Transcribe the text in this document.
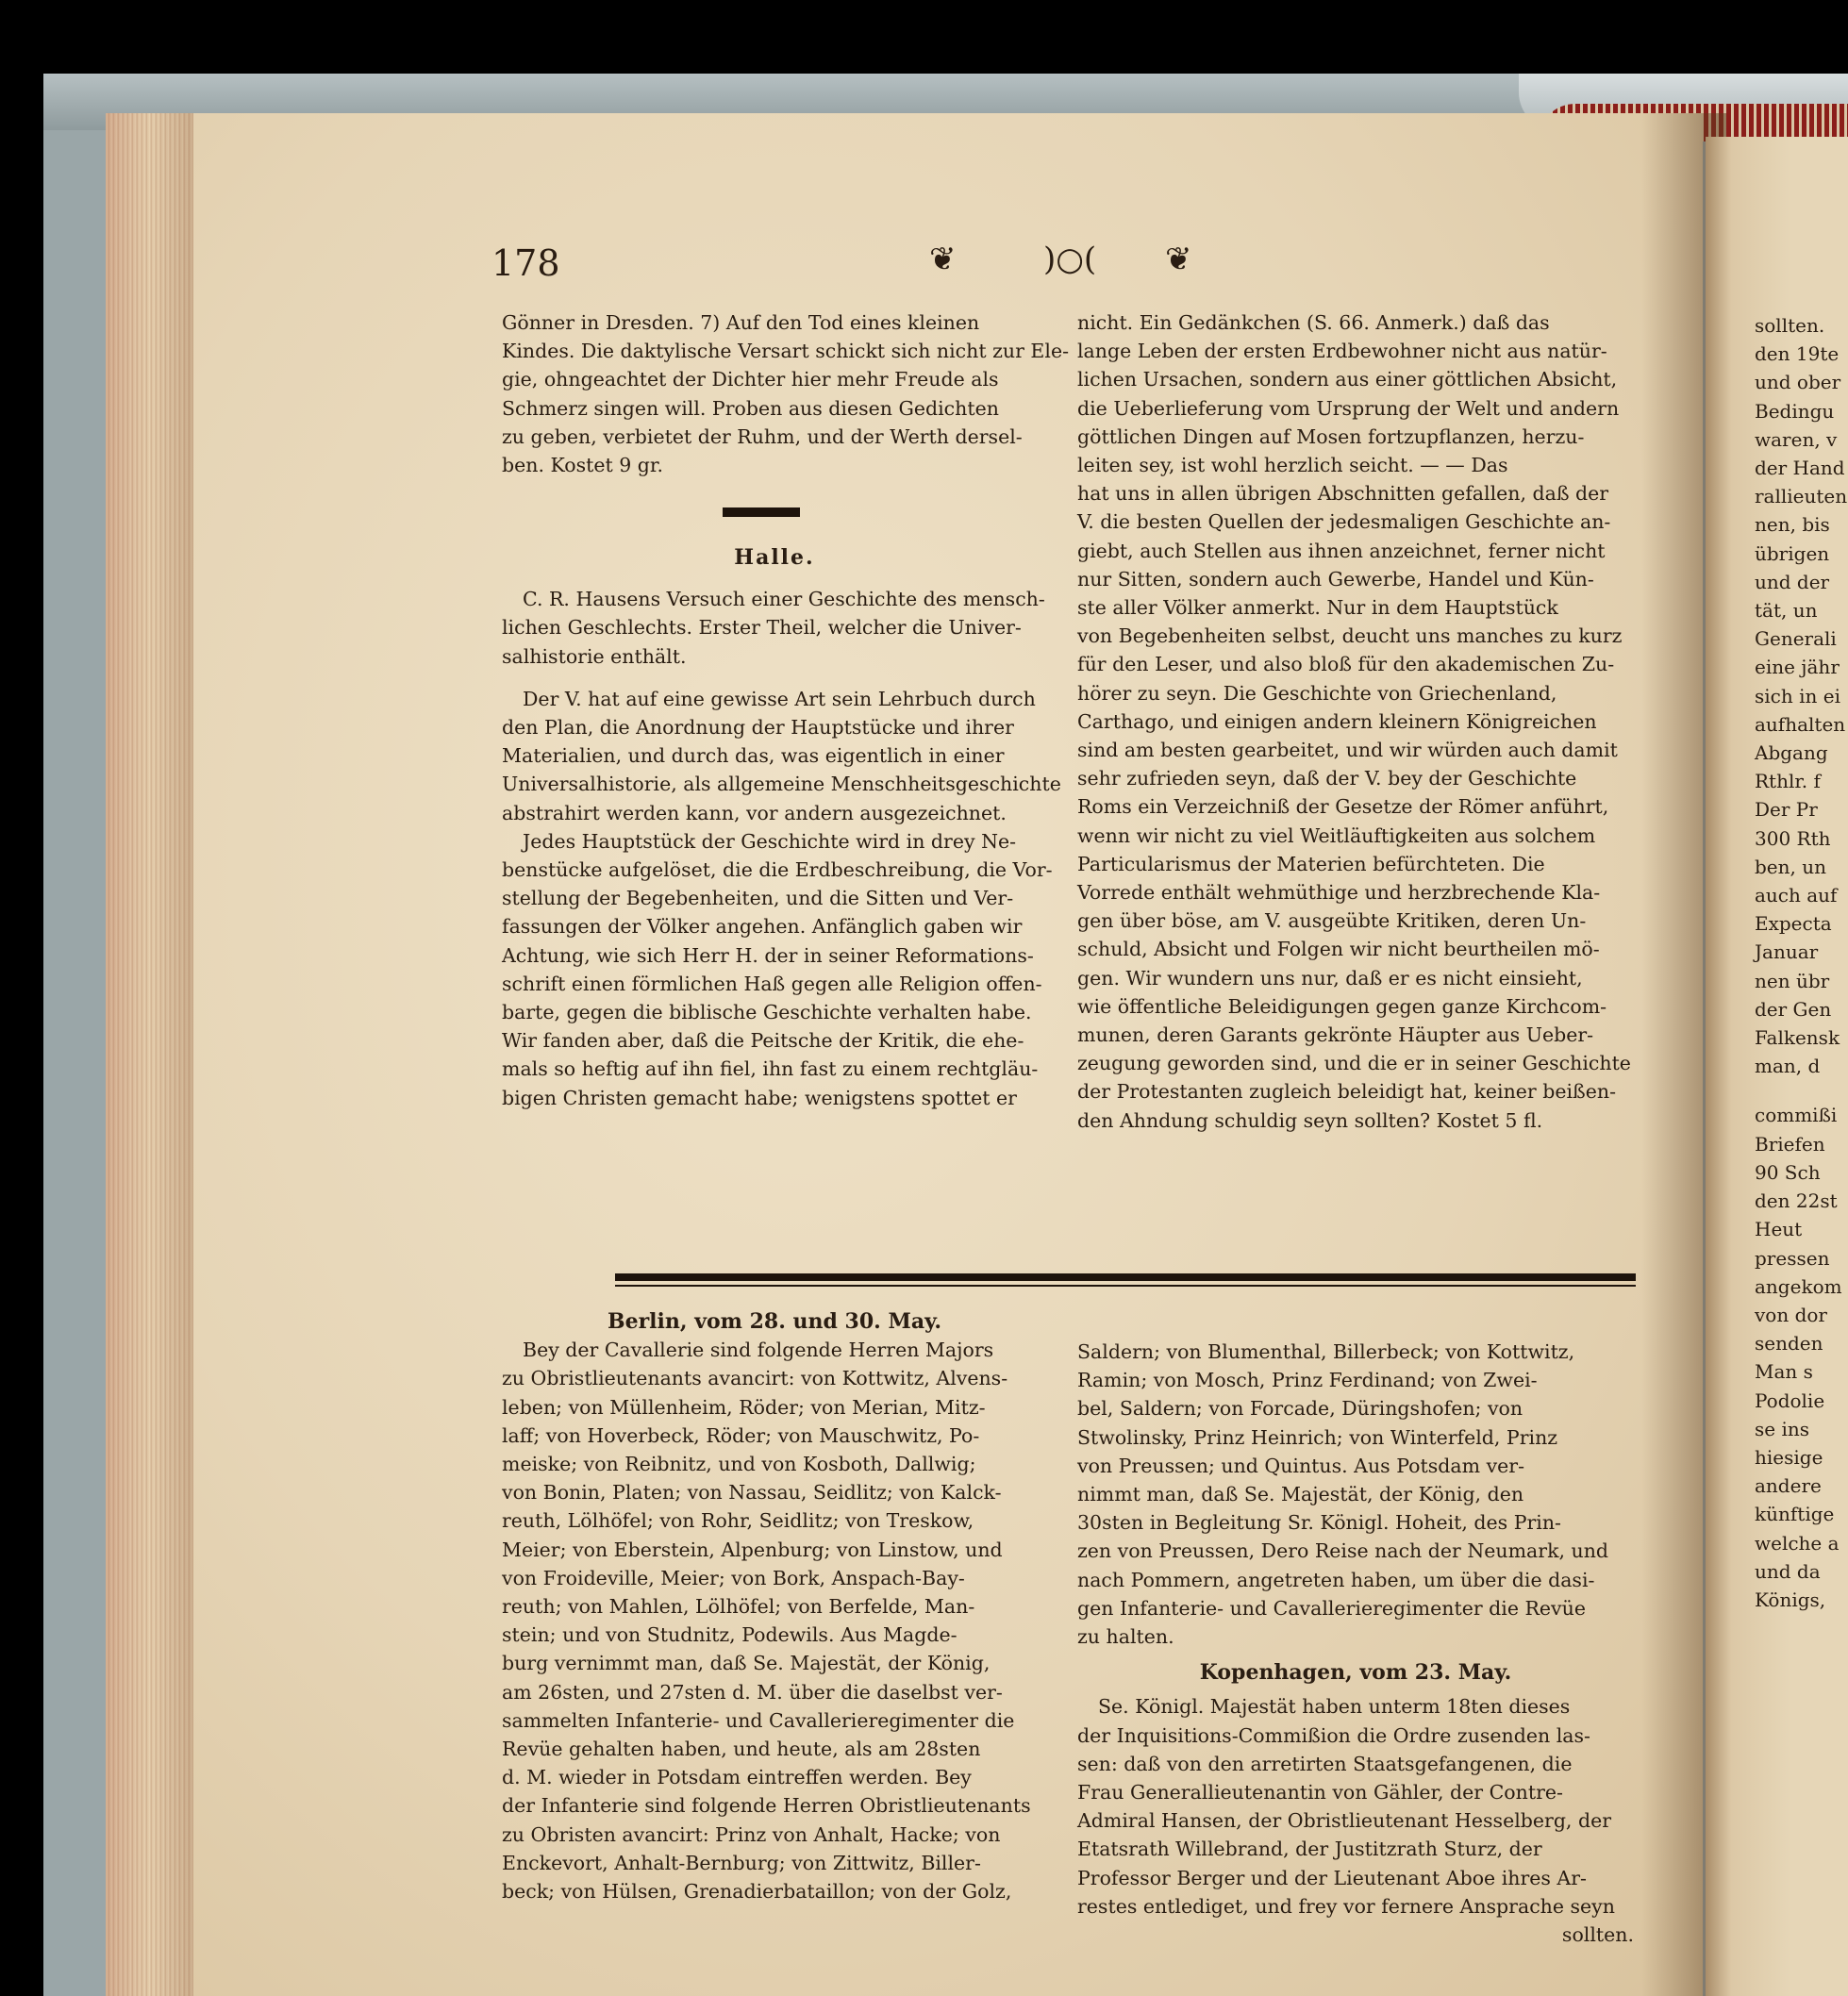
178	❦	)○( ❦

Gönner in Dresden. 7) Auf den Tod eines kleinen
Kindes. Die daktylische Versart schickt sich nicht zur Ele-
gie, ohngeachtet der Dichter hier mehr Freude als
Schmerz singen will. Proben aus diesen Gedichten
zu geben, verbietet der Ruhm, und der Werth dersel-
ben. Kostet 9 gr.

Halle.

C. R. Hausens Versuch einer Geschichte des mensch-
lichen Geschlechts. Erster Theil, welcher die Univer-
salhistorie enthält.

Der V. hat auf eine gewisse Art sein Lehrbuch durch
den Plan, die Anordnung der Hauptstücke und ihrer
Materialien, und durch das, was eigentlich in einer
Universalhistorie, als allgemeine Menschheitsgeschichte
abstrahirt werden kann, vor andern ausgezeichnet.
Jedes Hauptstück der Geschichte wird in drey Ne-
benstücke aufgelöset, die die Erdbeschreibung, die Vor-
stellung der Begebenheiten, und die Sitten und Ver-
fassungen der Völker angehen. Anfänglich gaben wir
Achtung, wie sich Herr H. der in seiner Reformations-
schrift einen förmlichen Haß gegen alle Religion offen-
barte, gegen die biblische Geschichte verhalten habe.
Wir fanden aber, daß die Peitsche der Kritik, die ehe-
mals so heftig auf ihn fiel, ihn fast zu einem rechtgläu-
bigen Christen gemacht habe; wenigstens spottet er

nicht. Ein Gedänkchen (S. 66. Anmerk.) daß das
lange Leben der ersten Erdbewohner nicht aus natür-
lichen Ursachen, sondern aus einer göttlichen Absicht,
die Ueberlieferung vom Ursprung der Welt und andern
göttlichen Dingen auf Mosen fortzupflanzen, herzu-
leiten sey, ist wohl herzlich seicht. — — Das
hat uns in allen übrigen Abschnitten gefallen, daß der
V. die besten Quellen der jedesmaligen Geschichte an-
giebt, auch Stellen aus ihnen anzeichnet, ferner nicht
nur Sitten, sondern auch Gewerbe, Handel und Kün-
ste aller Völker anmerkt. Nur in dem Hauptstück
von Begebenheiten selbst, deucht uns manches zu kurz
für den Leser, und also bloß für den akademischen Zu-
hörer zu seyn. Die Geschichte von Griechenland,
Carthago, und einigen andern kleinern Königreichen
sind am besten gearbeitet, und wir würden auch damit
sehr zufrieden seyn, daß der V. bey der Geschichte
Roms ein Verzeichniß der Gesetze der Römer anführt,
wenn wir nicht zu viel Weitläuftigkeiten aus solchem
Particularismus der Materien befürchteten. Die
Vorrede enthält wehmüthige und herzbrechende Kla-
gen über böse, am V. ausgeübte Kritiken, deren Un-
schuld, Absicht und Folgen wir nicht beurtheilen mö-
gen. Wir wundern uns nur, daß er es nicht einsieht,
wie öffentliche Beleidigungen gegen ganze Kirchcom-
munen, deren Garants gekrönte Häupter aus Ueber-
zeugung geworden sind, und die er in seiner Geschichte
der Protestanten zugleich beleidigt hat, keiner beißen-
den Ahndung schuldig seyn sollten? Kostet 5 fl.

Berlin, vom 28. und 30. May.

Bey der Cavallerie sind folgende Herren Majors
zu Obristlieutenants avancirt: von Kottwitz, Alvens-
leben; von Müllenheim, Röder; von Merian, Mitz-
laff; von Hoverbeck, Röder; von Mauschwitz, Po-
meiske; von Reibnitz, und von Kosboth, Dallwig;
von Bonin, Platen; von Nassau, Seidlitz; von Kalck-
reuth, Lölhöfel; von Rohr, Seidlitz; von Treskow,
Meier; von Eberstein, Alpenburg; von Linstow, und
von Froideville, Meier; von Bork, Anspach-Bay-
reuth; von Mahlen, Lölhöfel; von Berfelde, Man-
stein; und von Studnitz, Podewils. Aus Magde-
burg vernimmt man, daß Se. Majestät, der König,
am 26sten, und 27sten d. M. über die daselbst ver-
sammelten Infanterie- und Cavallerieregimenter die
Revüe gehalten haben, und heute, als am 28sten
d. M. wieder in Potsdam eintreffen werden. Bey
der Infanterie sind folgende Herren Obristlieutenants
zu Obristen avancirt: Prinz von Anhalt, Hacke; von
Enckevort, Anhalt-Bernburg; von Zittwitz, Biller-
beck; von Hülsen, Grenadierbataillon; von der Golz,

Saldern; von Blumenthal, Billerbeck; von Kottwitz,
Ramin; von Mosch, Prinz Ferdinand; von Zwei-
bel, Saldern; von Forcade, Düringshofen; von
Stwolinsky, Prinz Heinrich; von Winterfeld, Prinz
von Preussen; und Quintus. Aus Potsdam ver-
nimmt man, daß Se. Majestät, der König, den
30sten in Begleitung Sr. Königl. Hoheit, des Prin-
zen von Preussen, Dero Reise nach der Neumark, und
nach Pommern, angetreten haben, um über die dasi-
gen Infanterie- und Cavallerieregimenter die Revüe
zu halten.

Kopenhagen, vom 23. May.

Se. Königl. Majestät haben unterm 18ten dieses
der Inquisitions-Commißion die Ordre zusenden las-
sen: daß von den arretirten Staatsgefangenen, die
Frau Generallieutenantin von Gähler, der Contre-
Admiral Hansen, der Obristlieutenant Hesselberg, der
Etatsrath Willebrand, der Justitzrath Sturz, der
Professor Berger und der Lieutenant Aboe ihres Ar-
restes entlediget, und frey vor fernere Ansprache seyn
sollten.

sollten.
den 19te
und ober
Bedingu
waren, v
der Hand
rallieuten
nen, bis
übrigen
und der
tät, un
Generali
eine jähr
sich in ei
aufhalten
Abgang
Rthlr. f
Der Pr
300 Rth
ben, un
auch auf
Expecta
Januar
nen übr
der Gen
Falkensk
man, d
commißi
Briefen
90 Sch
den 22st
Heut
pressen
angekom
von dor
senden
Man s
Podolie
se ins
hiesige
andere
künftige
welche a
und da
Königs,
